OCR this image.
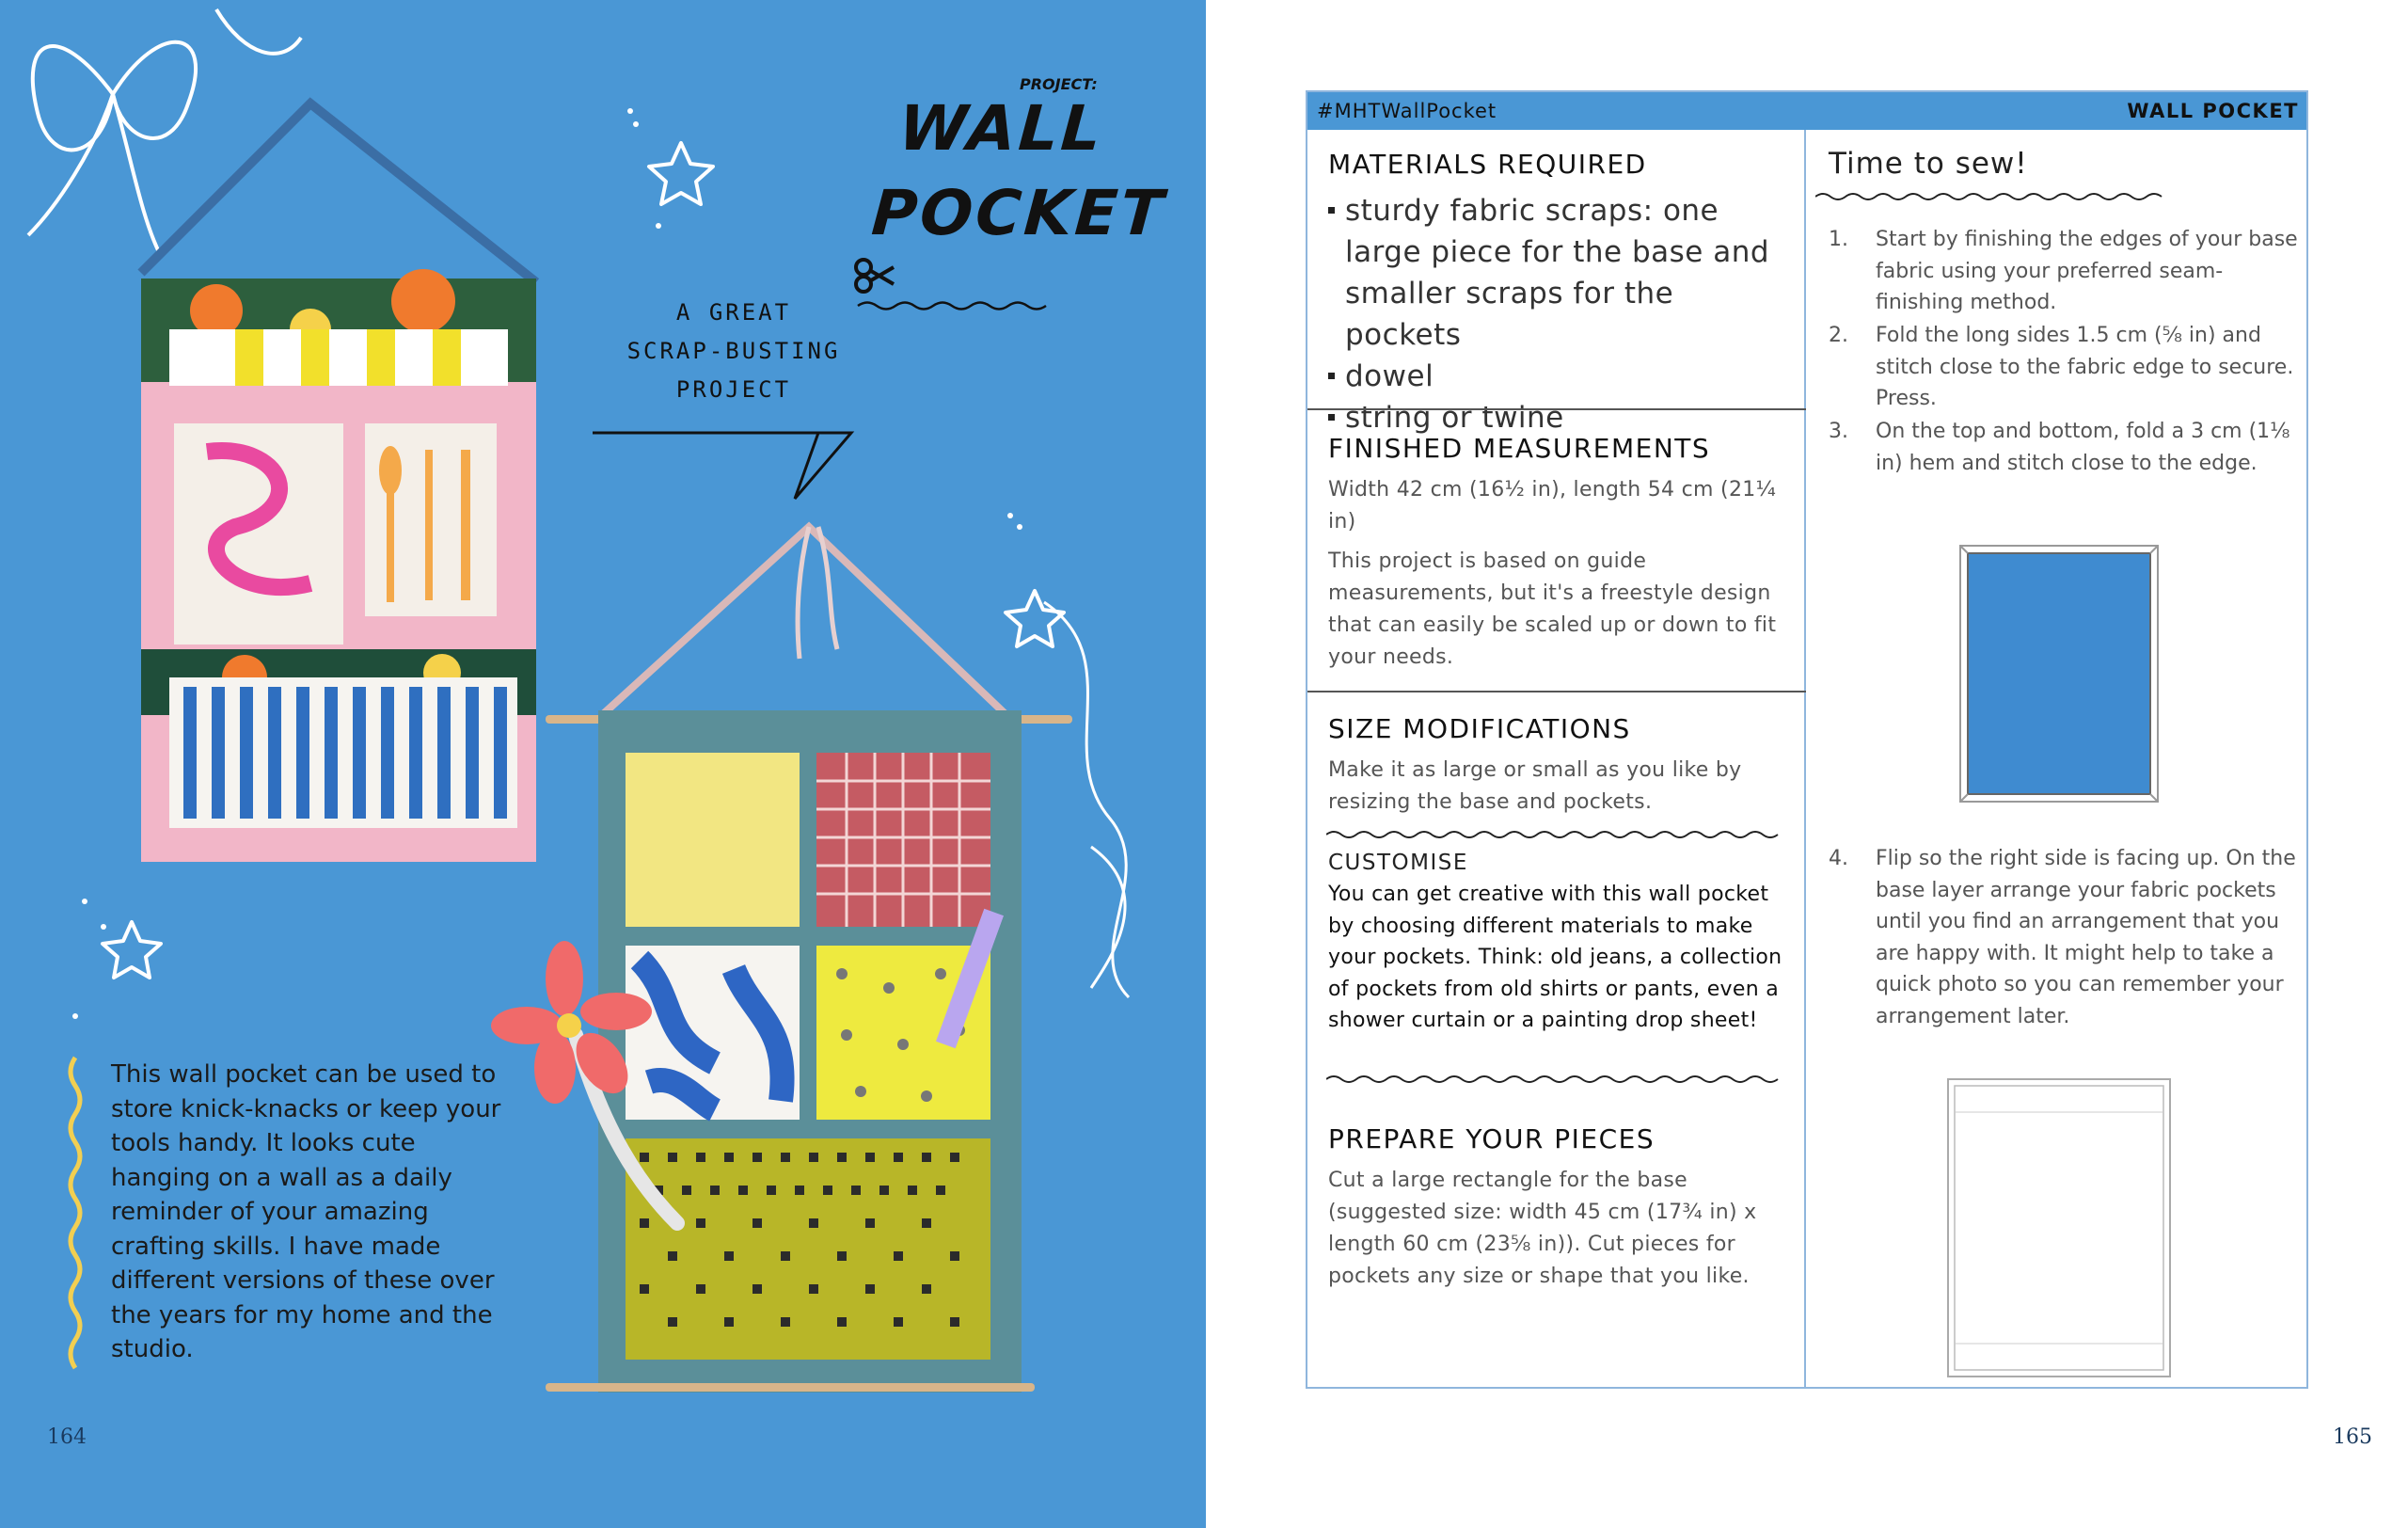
PROJECT:
WALL
POCKET
A GREAT
SCRAP-BUSTING
PROJECT
This wall pocket can be used to store knick-knacks or keep your tools handy. It looks cute hanging on a wall as a daily reminder of your amazing crafting skills. I have made different versions of these over the years for my home and the studio.
164
#MHTWallPocket	WALL POCKET
MATERIALS REQUIRED
sturdy fabric scraps: one large piece for the base and smaller scraps for the pockets
dowel
string or twine
FINISHED MEASUREMENTS
Width 42 cm (16½ in), length 54 cm (21¼ in)
This project is based on guide measurements, but it's a freestyle design that can easily be scaled up or down to fit your needs.
SIZE MODIFICATIONS
Make it as large or small as you like by resizing the base and pockets.
CUSTOMISE
You can get creative with this wall pocket by choosing different materials to make your pockets. Think: old jeans, a collection of pockets from old shirts or pants, even a shower curtain or a painting drop sheet!
PREPARE YOUR PIECES
Cut a large rectangle for the base (suggested size: width 45 cm (17¾ in) x length 60 cm (23⅝ in)). Cut pieces for pockets any size or shape that you like.
Time to sew!
1.	Start by finishing the edges of your base fabric using your preferred seam-finishing method.
2.	Fold the long sides 1.5 cm (⅝ in) and stitch close to the fabric edge to secure. Press.
3.	On the top and bottom, fold a 3 cm (1⅛ in) hem and stitch close to the edge.
4.	Flip so the right side is facing up. On the base layer arrange your fabric pockets until you find an arrangement that you are happy with. It might help to take a quick photo so you can remember your arrangement later.
165
